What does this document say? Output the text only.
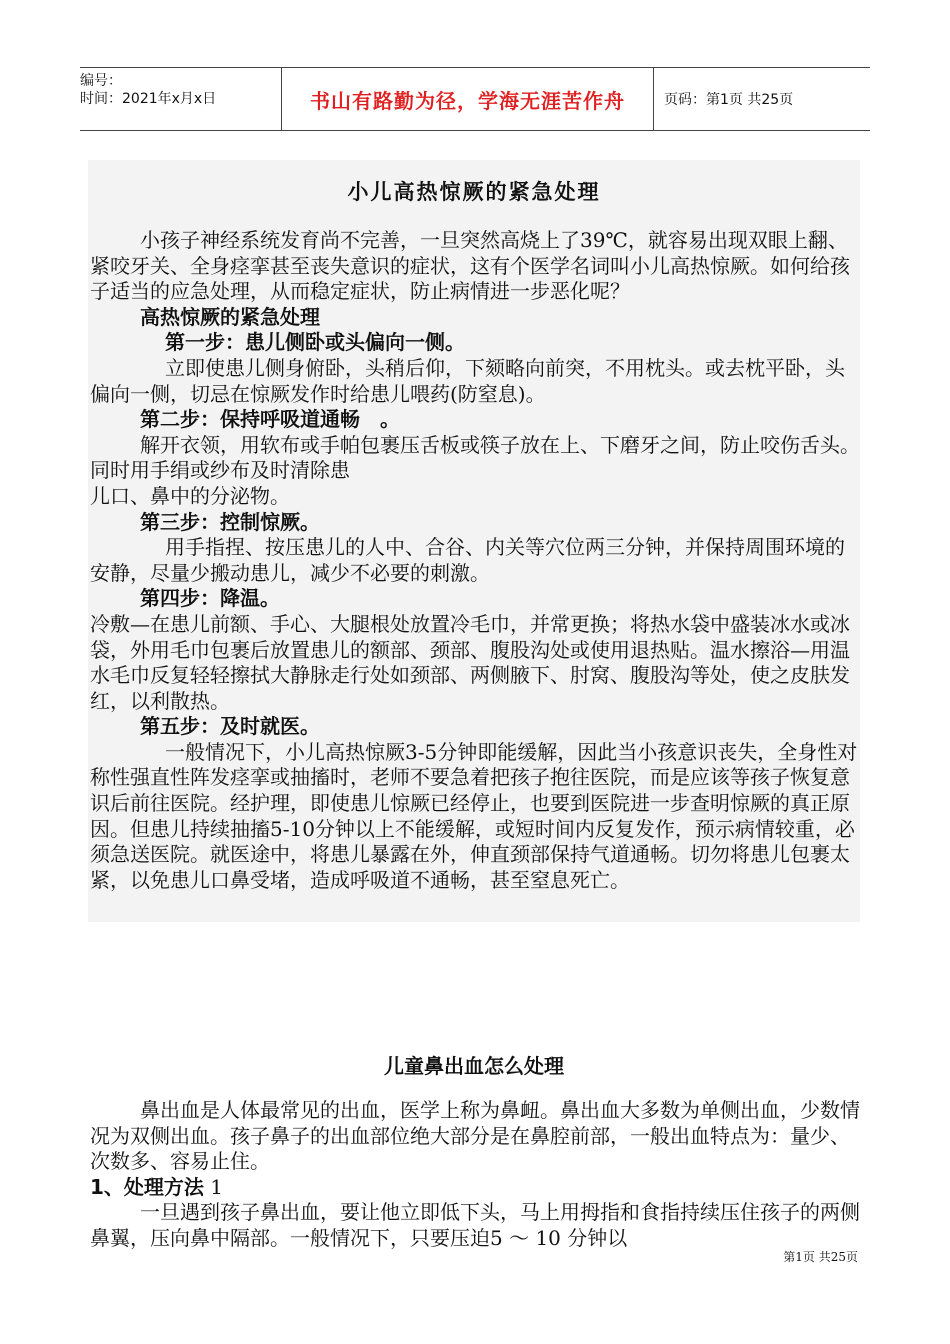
编号：
时间：2021年x月x日	书山有路勤为径，学海无涯苦作舟	页码：第1页 共25页
小儿高热惊厥的紧急处理

小孩子神经系统发育尚不完善，一旦突然高烧上了39℃，就容易出现双眼上翻、紧咬牙关、全身痉挛甚至丧失意识的症状，这有个医学名词叫小儿高热惊厥。如何给孩子适当的应急处理，从而稳定症状，防止病情进一步恶化呢？

高热惊厥的紧急处理

第一步：患儿侧卧或头偏向一侧。

立即使患儿侧身俯卧，头稍后仰，下颏略向前突，不用枕头。或去枕平卧，头偏向一侧，切忌在惊厥发作时给患儿喂药(防窒息)。

第二步：保持呼吸道通畅　。

解开衣领，用软布或手帕包裹压舌板或筷子放在上、下磨牙之间，防止咬伤舌头。同时用手绢或纱布及时清除患

儿口、鼻中的分泌物。

第三步：控制惊厥。

用手指捏、按压患儿的人中、合谷、内关等穴位两三分钟，并保持周围环境的安静，尽量少搬动患儿，减少不必要的刺激。

第四步：降温。

冷敷—在患儿前额、手心、大腿根处放置冷毛巾，并常更换；将热水袋中盛装冰水或冰袋，外用毛巾包裹后放置患儿的额部、颈部、腹股沟处或使用退热贴。温水擦浴—用温水毛巾反复轻轻擦拭大静脉走行处如颈部、两侧腋下、肘窝、腹股沟等处，使之皮肤发红，以利散热。

第五步：及时就医。

一般情况下，小儿高热惊厥3-5分钟即能缓解，因此当小孩意识丧失，全身性对称性强直性阵发痉挛或抽搐时，老师不要急着把孩子抱往医院，而是应该等孩子恢复意识后前往医院。经护理，即使患儿惊厥已经停止，也要到医院进一步查明惊厥的真正原因。但患儿持续抽搐5-10分钟以上不能缓解，或短时间内反复发作，预示病情较重，必须急送医院。就医途中，将患儿暴露在外，伸直颈部保持气道通畅。切勿将患儿包裹太紧，以免患儿口鼻受堵，造成呼吸道不通畅，甚至窒息死亡。

儿童鼻出血怎么处理

鼻出血是人体最常见的出血，医学上称为鼻衄。鼻出血大多数为单侧出血，少数情况为双侧出血。孩子鼻子的出血部位绝大部分是在鼻腔前部，一般出血特点为：量少、次数多、容易止住。

1、处理方法 1

一旦遇到孩子鼻出血，要让他立即低下头，马上用拇指和食指持续压住孩子的两侧鼻翼，压向鼻中隔部。一般情况下，只要压迫5 ～ 10 分钟以

第1页 共25页
